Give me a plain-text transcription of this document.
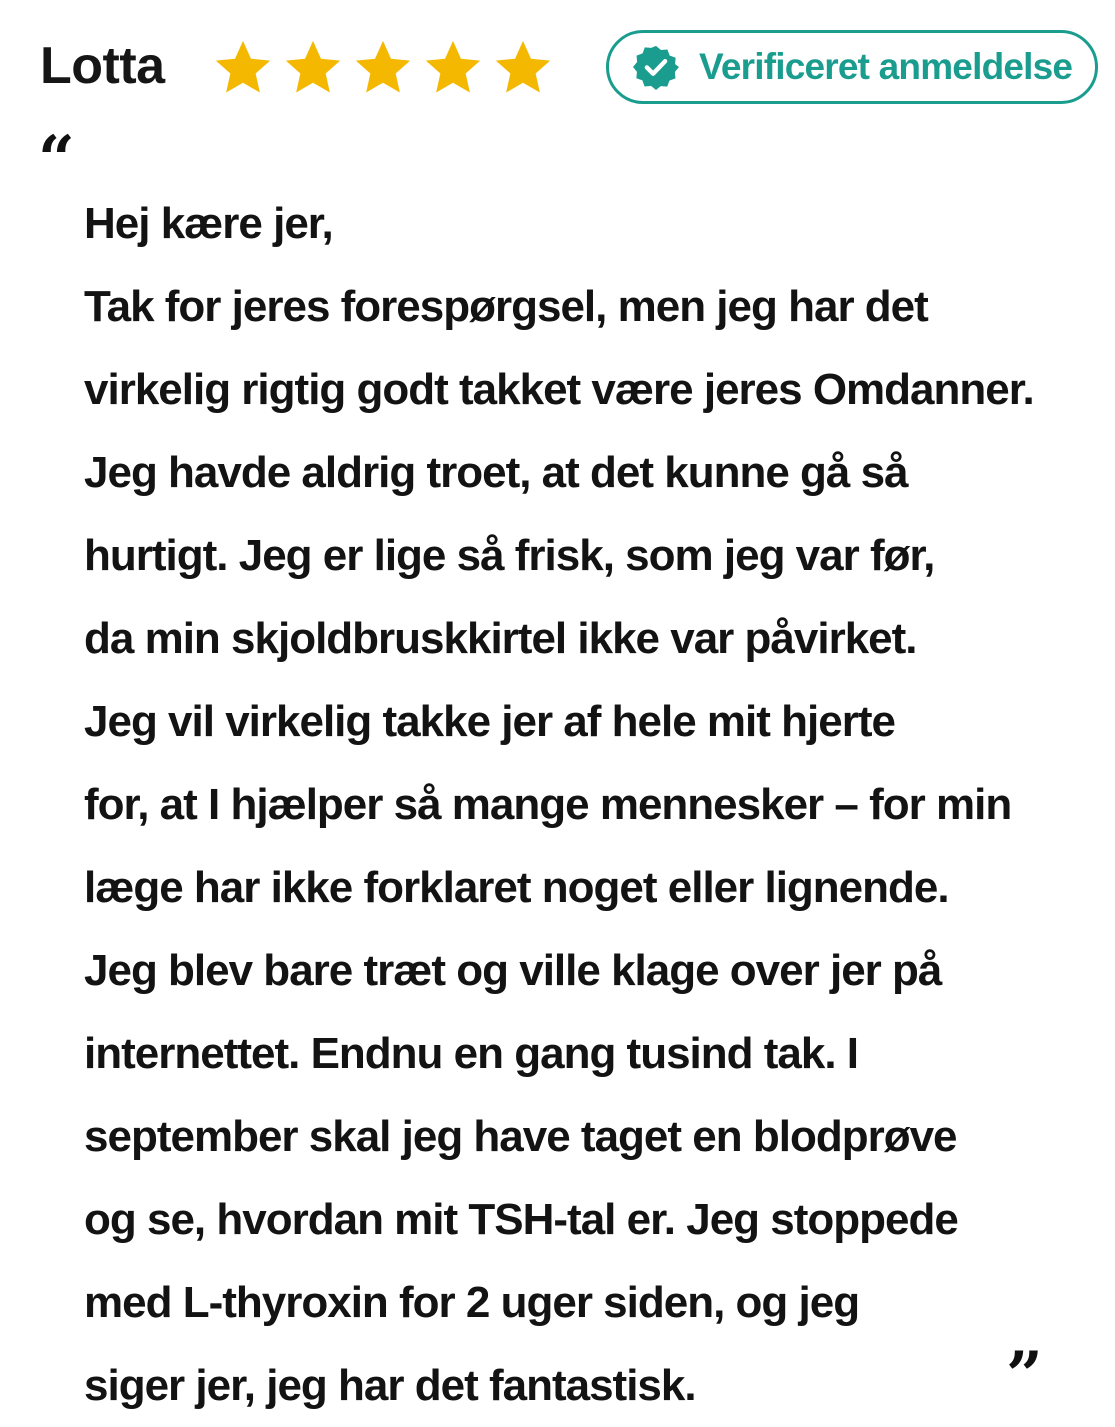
Lotta	Verificeret anmeldelse
“
Hej kære jer,
Tak for jeres forespørgsel, men jeg har det
virkelig rigtig godt takket være jeres Omdanner.
Jeg havde aldrig troet, at det kunne gå så
hurtigt. Jeg er lige så frisk, som jeg var før,
da min skjoldbruskkirtel ikke var påvirket.
Jeg vil virkelig takke jer af hele mit hjerte
for, at I hjælper så mange mennesker – for min
læge har ikke forklaret noget eller lignende.
Jeg blev bare træt og ville klage over jer på
internettet. Endnu en gang tusind tak. I
september skal jeg have taget en blodprøve
og se, hvordan mit TSH-tal er. Jeg stoppede
med L-thyroxin for 2 uger siden, og jeg
siger jer, jeg har det fantastisk.	”
